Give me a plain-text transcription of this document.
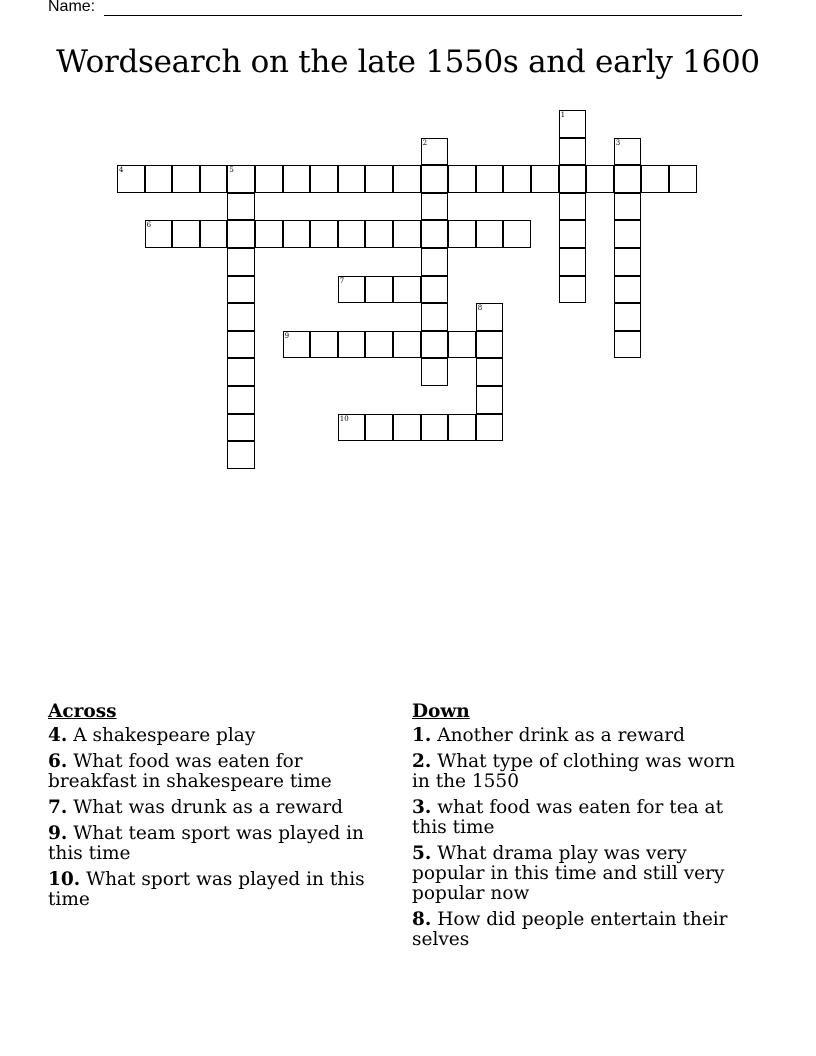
Name:
Wordsearch on the late 1550s and early 1600
1
2	3
4	5
6
7
8
9
10
Across
4. A shakespeare play
6. What food was eaten for breakfast in shakespeare time
7. What was drunk as a reward
9. What team sport was played in this time
10. What sport was played in this time
Down
1. Another drink as a reward
2. What type of clothing was worn in the 1550
3. what food was eaten for tea at this time
5. What drama play was very popular in this time and still very popular now
8. How did people entertain their selves
